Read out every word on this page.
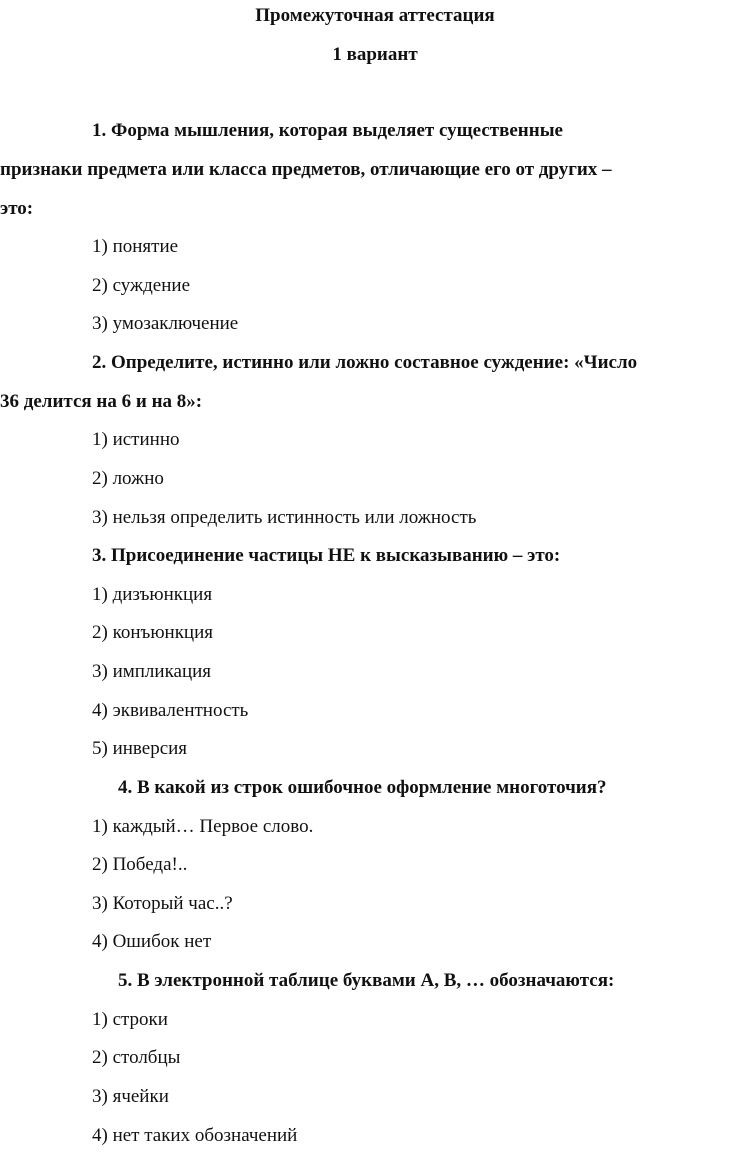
Промежуточная аттестация
1 вариант
1. Форма мышления, которая выделяет существенные
признаки предмета или класса предметов, отличающие его от других –
это:
1) понятие
2) суждение
3) умозаключение
2. Определите, истинно или ложно составное суждение: «Число
36 делится на 6 и на 8»:
1) истинно
2) ложно
3) нельзя определить истинность или ложность
3. Присоединение частицы НЕ к высказыванию – это:
1) дизъюнкция
2) конъюнкция
3) импликация
4) эквивалентность
5) инверсия
4. В какой из строк ошибочное оформление многоточия?
1) каждый… Первое слово.
2) Победа!..
3) Который час..?
4) Ошибок нет
5. В электронной таблице буквами A, B, … обозначаются:
1) строки
2) столбцы
3) ячейки
4) нет таких обозначений
